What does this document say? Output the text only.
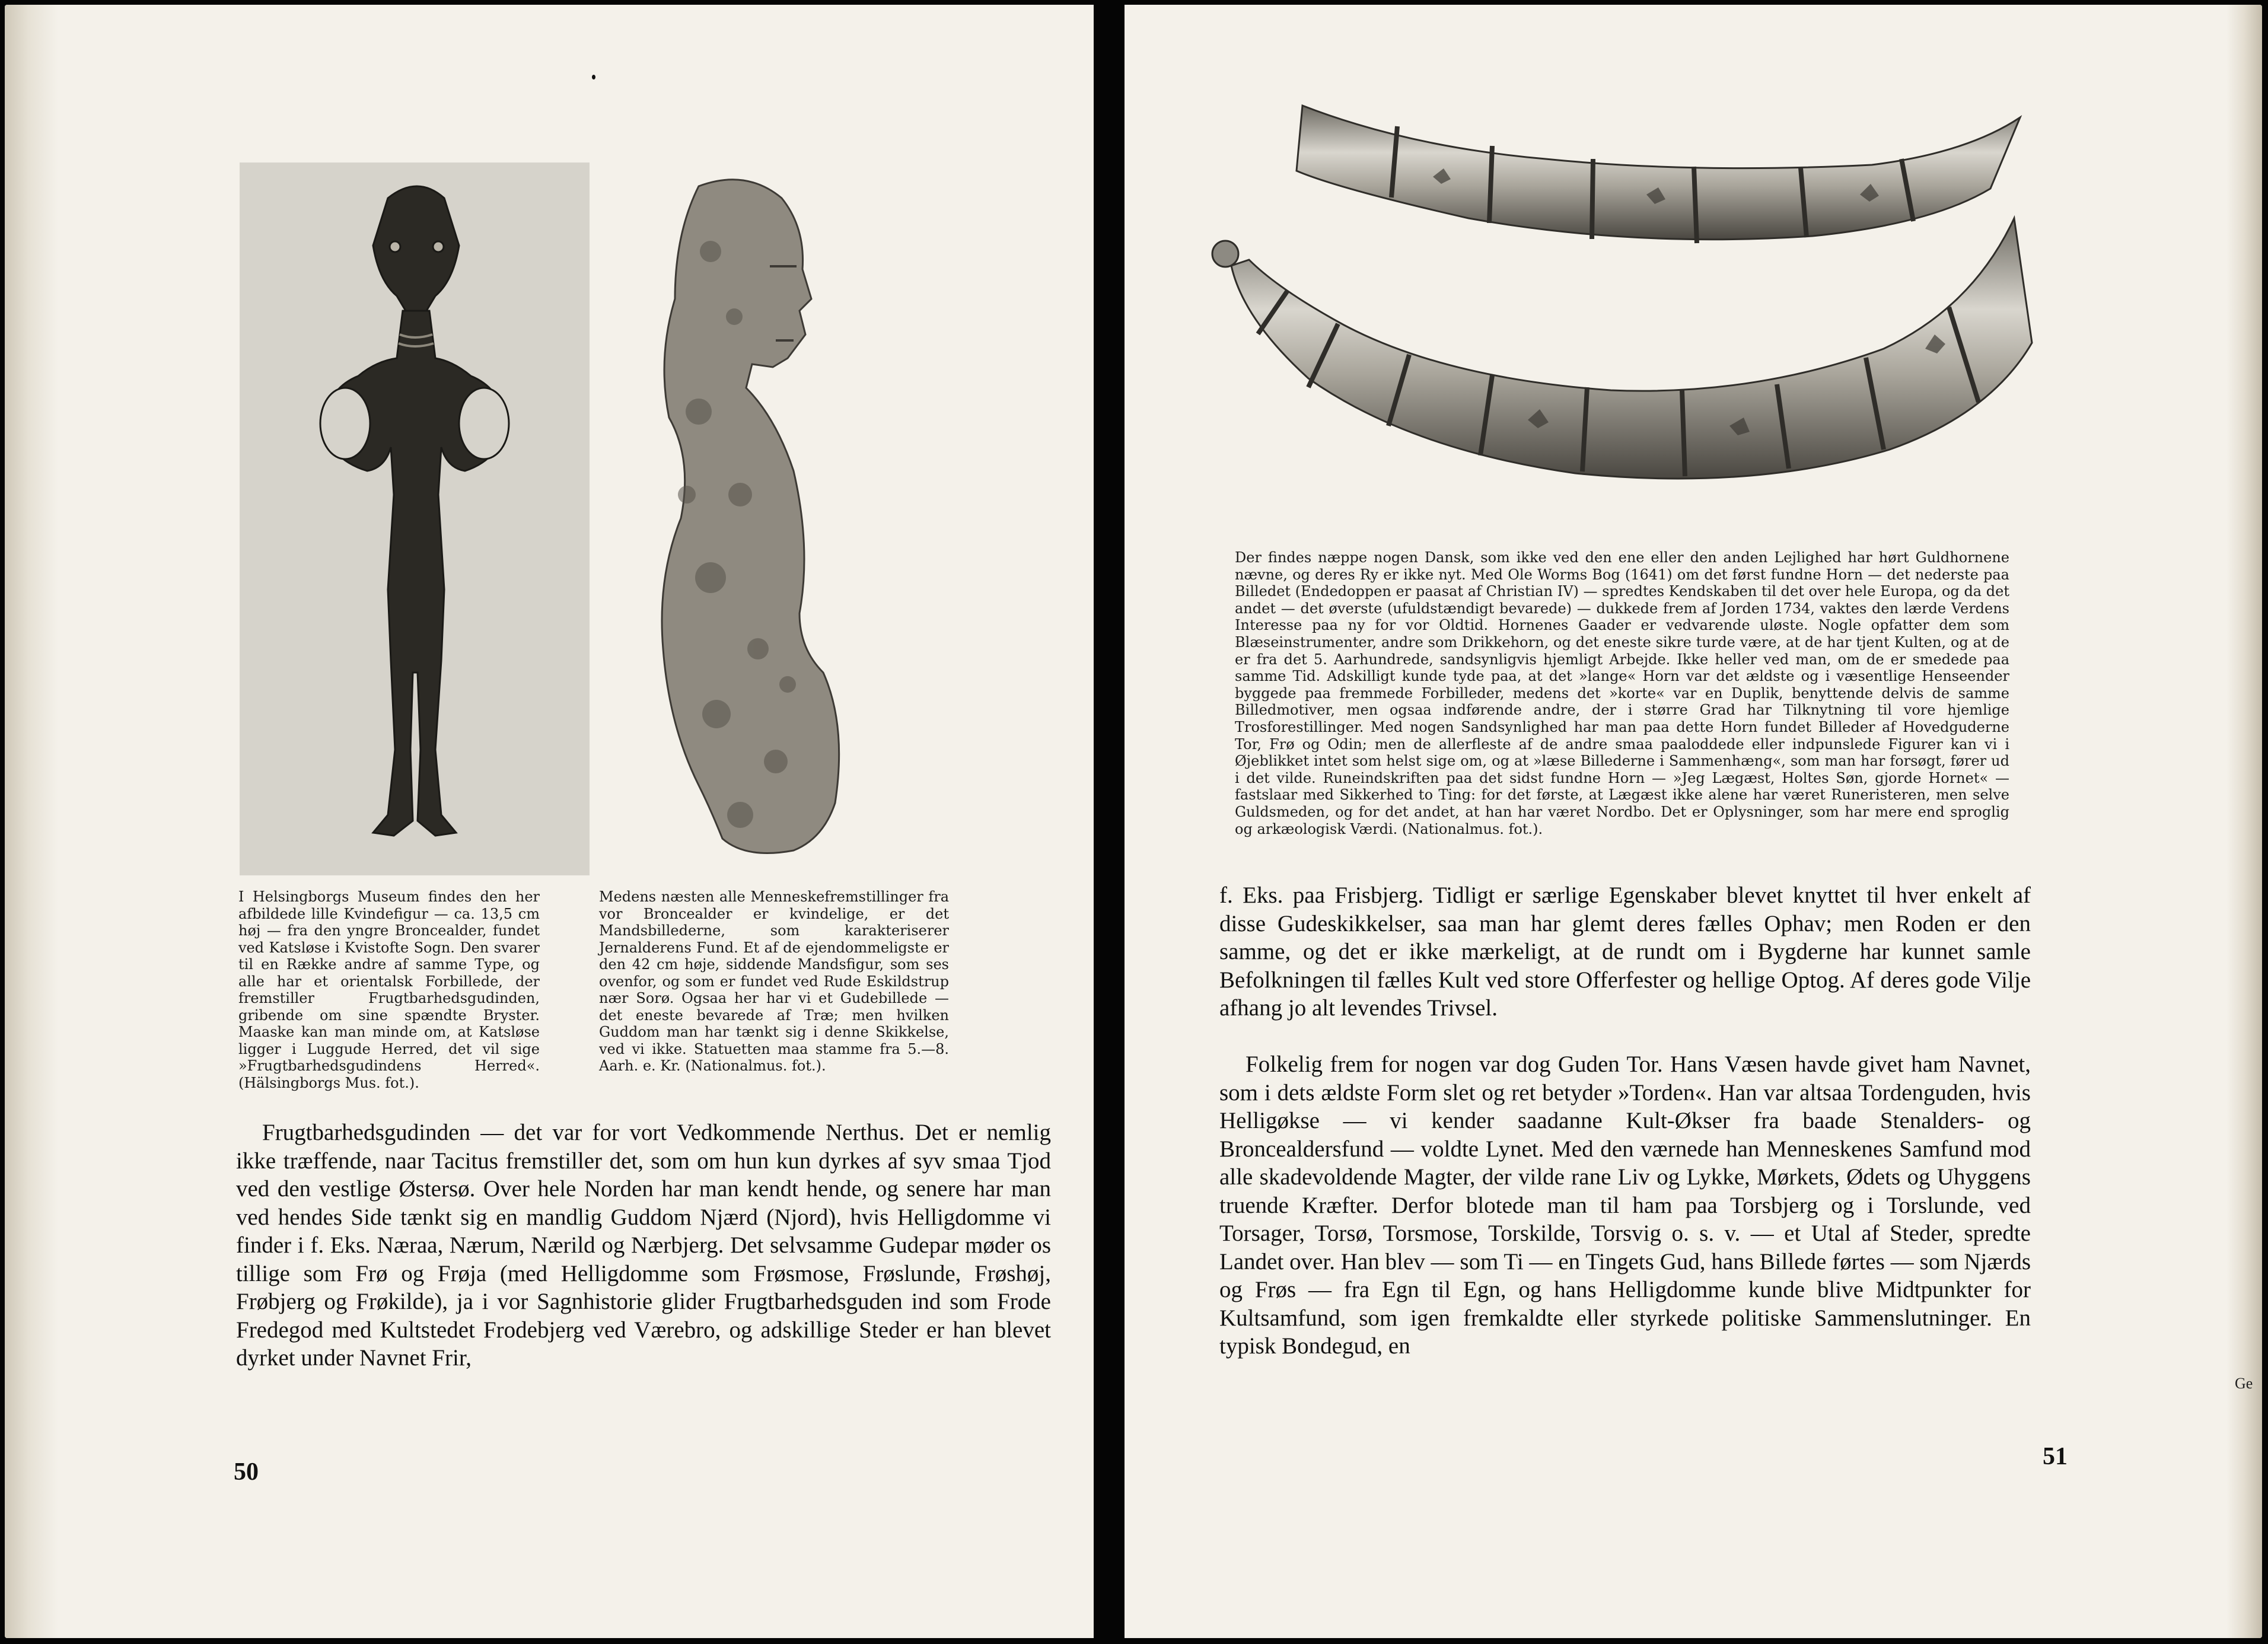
I Helsingborgs Museum findes den her afbildede lille Kvindefigur — ca. 13,5 cm høj — fra den yngre Broncealder, fundet ved Katsløse i Kvistofte Sogn. Den svarer til en Række andre af samme Type, og alle har et orientalsk Forbillede, der fremstiller Frugtbarhedsgudinden, gribende om sine spændte Bryster. Maaske kan man minde om, at Katsløse ligger i Luggude Herred, det vil sige »Frugtbarhedsgudindens Herred«. (Hälsingborgs Mus. fot.).

Medens næsten alle Menneskefremstillinger fra vor Broncealder er kvindelige, er det Mandsbillederne, som karakteriserer Jernalderens Fund. Et af de ejendommeligste er den 42 cm høje, siddende Mandsfigur, som ses ovenfor, og som er fundet ved Rude Eskildstrup nær Sorø. Ogsaa her har vi et Gudebillede — det eneste bevarede af Træ; men hvilken Guddom man har tænkt sig i denne Skikkelse, ved vi ikke. Statuetten maa stamme fra 5.—8. Aarh. e. Kr. (Nationalmus. fot.).

Frugtbarhedsgudinden — det var for vort Vedkommende Nerthus. Det er nemlig ikke træffende, naar Tacitus fremstiller det, som om hun kun dyrkes af syv smaa Tjod ved den vestlige Østersø. Over hele Norden har man kendt hende, og senere har man ved hendes Side tænkt sig en mandlig Guddom Njærd (Njord), hvis Helligdomme vi finder i f. Eks. Næraa, Nærum, Nærild og Nærbjerg. Det selvsamme Gudepar møder os tillige som Frø og Frøja (med Helligdomme som Frøsmose, Frøslunde, Frøshøj, Frøbjerg og Frøkilde), ja i vor Sagnhistorie glider Frugtbarhedsguden ind som Frode Fredegod med Kultstedet Frodebjerg ved Værebro, og adskillige Steder er han blevet dyrket under Navnet Frir,

50

Der findes næppe nogen Dansk, som ikke ved den ene eller den anden Lejlighed har hørt Guldhornene nævne, og deres Ry er ikke nyt. Med Ole Worms Bog (1641) om det først fundne Horn — det nederste paa Billedet (Endedoppen er paasat af Christian IV) — spredtes Kendskaben til det over hele Europa, og da det andet — det øverste (ufuldstændigt bevarede) — dukkede frem af Jorden 1734, vaktes den lærde Verdens Interesse paa ny for vor Oldtid. Hornenes Gaader er vedvarende uløste. Nogle opfatter dem som Blæseinstrumenter, andre som Drikkehorn, og det eneste sikre turde være, at de har tjent Kulten, og at de er fra det 5. Aarhundrede, sandsynligvis hjemligt Arbejde. Ikke heller ved man, om de er smedede paa samme Tid. Adskilligt kunde tyde paa, at det »lange« Horn var det ældste og i væsentlige Henseender byggede paa fremmede Forbilleder, medens det »korte« var en Duplik, benyttende delvis de samme Billedmotiver, men ogsaa indførende andre, der i større Grad har Tilknytning til vore hjemlige Trosforestillinger. Med nogen Sandsynlighed har man paa dette Horn fundet Billeder af Hovedguderne Tor, Frø og Odin; men de allerfleste af de andre smaa paaloddede eller indpunslede Figurer kan vi i Øjeblikket intet som helst sige om, og at »læse Billederne i Sammenhæng«, som man har forsøgt, fører ud i det vilde. Runeindskriften paa det sidst fundne Horn — »Jeg Lægæst, Holtes Søn, gjorde Hornet« — fastslaar med Sikkerhed to Ting: for det første, at Lægæst ikke alene har været Runeristeren, men selve Guldsmeden, og for det andet, at han har været Nordbo. Det er Oplysninger, som har mere end sproglig og arkæologisk Værdi. (Nationalmus. fot.).

f. Eks. paa Frisbjerg. Tidligt er særlige Egenskaber blevet knyttet til hver enkelt af disse Gudeskikkelser, saa man har glemt deres fælles Ophav; men Roden er den samme, og det er ikke mærkeligt, at de rundt om i Bygderne har kunnet samle Befolkningen til fælles Kult ved store Offerfester og hellige Optog. Af deres gode Vilje afhang jo alt levendes Trivsel.

Folkelig frem for nogen var dog Guden Tor. Hans Væsen havde givet ham Navnet, som i dets ældste Form slet og ret betyder »Torden«. Han var altsaa Tordenguden, hvis Helligøkse — vi kender saadanne Kult-Økser fra baade Stenalders- og Broncealdersfund — voldte Lynet. Med den værnede han Menneskenes Samfund mod alle skadevoldende Magter, der vilde rane Liv og Lykke, Mørkets, Ødets og Uhyggens truende Kræfter. Derfor blotede man til ham paa Torsbjerg og i Torslunde, ved Torsager, Torsø, Torsmose, Torskilde, Torsvig o. s. v. — et Utal af Steder, spredte Landet over. Han blev — som Ti — en Tingets Gud, hans Billede førtes — som Njærds og Frøs — fra Egn til Egn, og hans Helligdomme kunde blive Midtpunkter for Kultsamfund, som igen fremkaldte eller styrkede politiske Sammenslutninger. En typisk Bondegud, en

51
Ge
